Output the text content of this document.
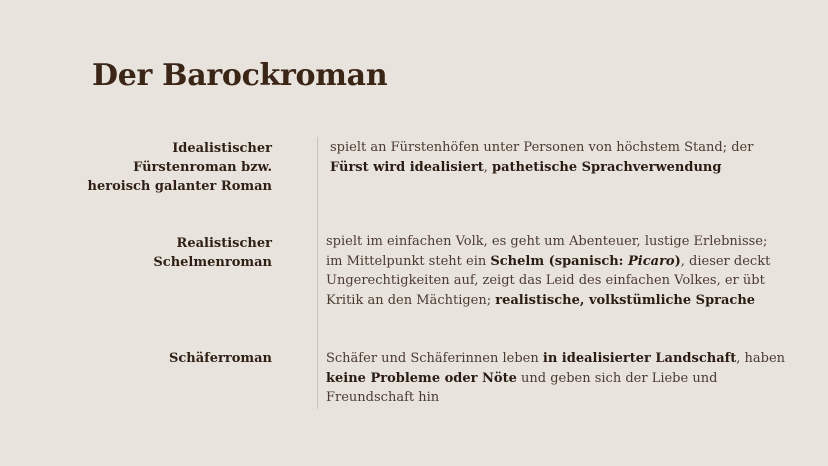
Der Barockroman
Idealistischer Fürstenroman bzw. heroisch galanter Roman
spielt an Fürstenhöfen unter Personen von höchstem Stand; der Fürst wird idealisiert, pathetische Sprachverwendung
Realistischer Schelmenroman
spielt im einfachen Volk, es geht um Abenteuer, lustige Erlebnisse; im Mittelpunkt steht ein Schelm (spanisch: Picaro), dieser deckt Ungerechtigkeiten auf, zeigt das Leid des einfachen Volkes, er übt Kritik an den Mächtigen; realistische, volkstümliche Sprache
Schäferroman	Schäfer und Schäferinnen leben in idealisierter Landschaft, haben keine Probleme oder Nöte und geben sich der Liebe und Freundschaft hin
